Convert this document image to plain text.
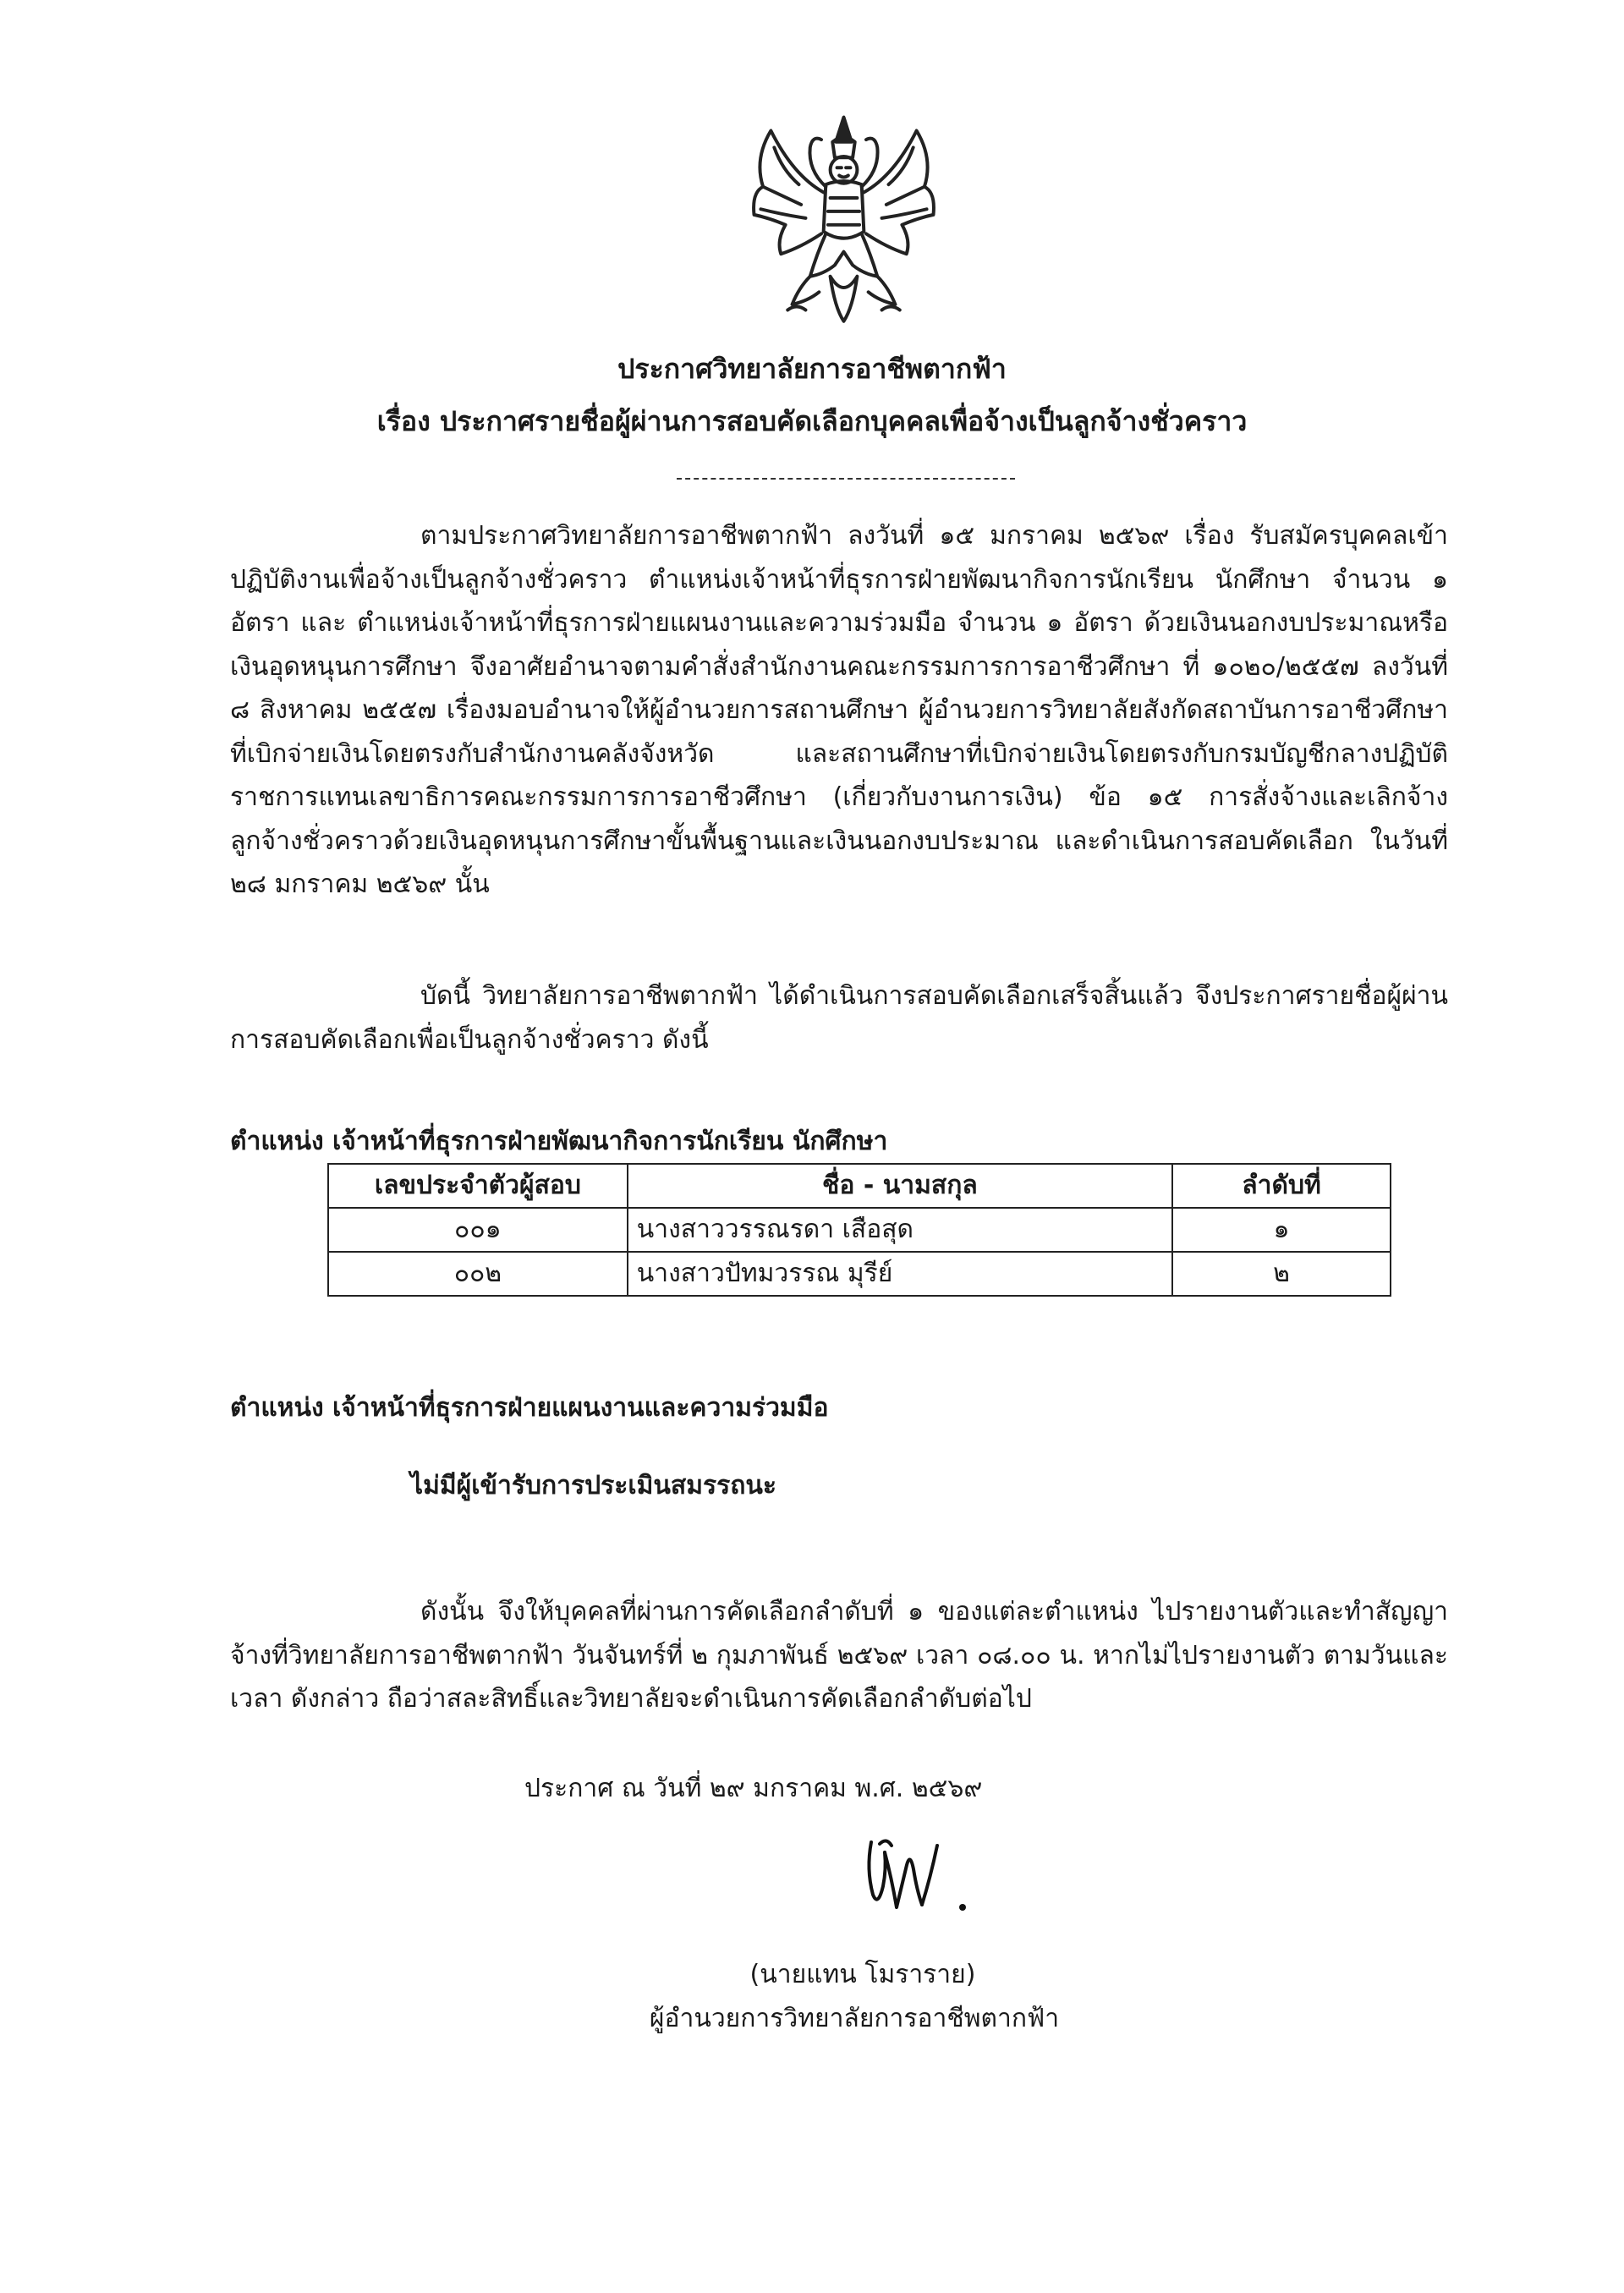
ประกาศวิทยาลัยการอาชีพตากฟ้า
เรื่อง ประกาศรายชื่อผู้ผ่านการสอบคัดเลือกบุคคลเพื่อจ้างเป็นลูกจ้างชั่วคราว
ตามประกาศวิทยาลัยการอาชีพตากฟ้า ลงวันที่ ๑๕ มกราคม ๒๕๖๙ เรื่อง รับสมัครบุคคลเข้าปฏิบัติงานเพื่อจ้างเป็นลูกจ้างชั่วคราว ตำแหน่งเจ้าหน้าที่ธุรการฝ่ายพัฒนากิจการนักเรียน นักศึกษา จำนวน ๑ อัตรา และ ตำแหน่งเจ้าหน้าที่ธุรการฝ่ายแผนงานและความร่วมมือ จำนวน ๑ อัตรา ด้วยเงินนอกงบประมาณหรือเงินอุดหนุนการศึกษา จึงอาศัยอำนาจตามคำสั่งสำนักงานคณะกรรมการการอาชีวศึกษา ที่ ๑๐๒๐/๒๕๕๗ ลงวันที่ ๘ สิงหาคม ๒๕๕๗ เรื่องมอบอำนาจให้ผู้อำนวยการสถานศึกษา ผู้อำนวยการวิทยาลัยสังกัดสถาบันการอาชีวศึกษาที่เบิกจ่ายเงินโดยตรงกับสำนักงานคลังจังหวัด และสถานศึกษาที่เบิกจ่ายเงินโดยตรงกับกรมบัญชีกลางปฏิบัติราชการแทนเลขาธิการคณะกรรมการการอาชีวศึกษา (เกี่ยวกับงานการเงิน) ข้อ ๑๕ การสั่งจ้างและเลิกจ้างลูกจ้างชั่วคราวด้วยเงินอุดหนุนการศึกษาขั้นพื้นฐานและเงินนอกงบประมาณ และดำเนินการสอบคัดเลือก ในวันที่ ๒๘ มกราคม ๒๕๖๙ นั้น
บัดนี้ วิทยาลัยการอาชีพตากฟ้า ได้ดำเนินการสอบคัดเลือกเสร็จสิ้นแล้ว จึงประกาศรายชื่อผู้ผ่านการสอบคัดเลือกเพื่อเป็นลูกจ้างชั่วคราว ดังนี้
ตำแหน่ง เจ้าหน้าที่ธุรการฝ่ายพัฒนากิจการนักเรียน นักศึกษา
เลขประจำตัวผู้สอบ	ชื่อ - นามสกุล	ลำดับที่
๐๐๑	นางสาววรรณรดา เสือสุด	๑
๐๐๒	นางสาวปัทมวรรณ มุรีย์	๒
ตำแหน่ง เจ้าหน้าที่ธุรการฝ่ายแผนงานและความร่วมมือ
ไม่มีผู้เข้ารับการประเมินสมรรถนะ
ดังนั้น จึงให้บุคคลที่ผ่านการคัดเลือกลำดับที่ ๑ ของแต่ละตำแหน่ง ไปรายงานตัวและทำสัญญาจ้างที่วิทยาลัยการอาชีพตากฟ้า วันจันทร์ที่ ๒ กุมภาพันธ์ ๒๕๖๙ เวลา ๐๘.๐๐ น. หากไม่ไปรายงานตัว ตามวันและเวลา ดังกล่าว ถือว่าสละสิทธิ์และวิทยาลัยจะดำเนินการคัดเลือกลำดับต่อไป
ประกาศ ณ วันที่ ๒๙ มกราคม พ.ศ. ๒๕๖๙
(นายแทน โมราราย)
ผู้อำนวยการวิทยาลัยการอาชีพตากฟ้า
